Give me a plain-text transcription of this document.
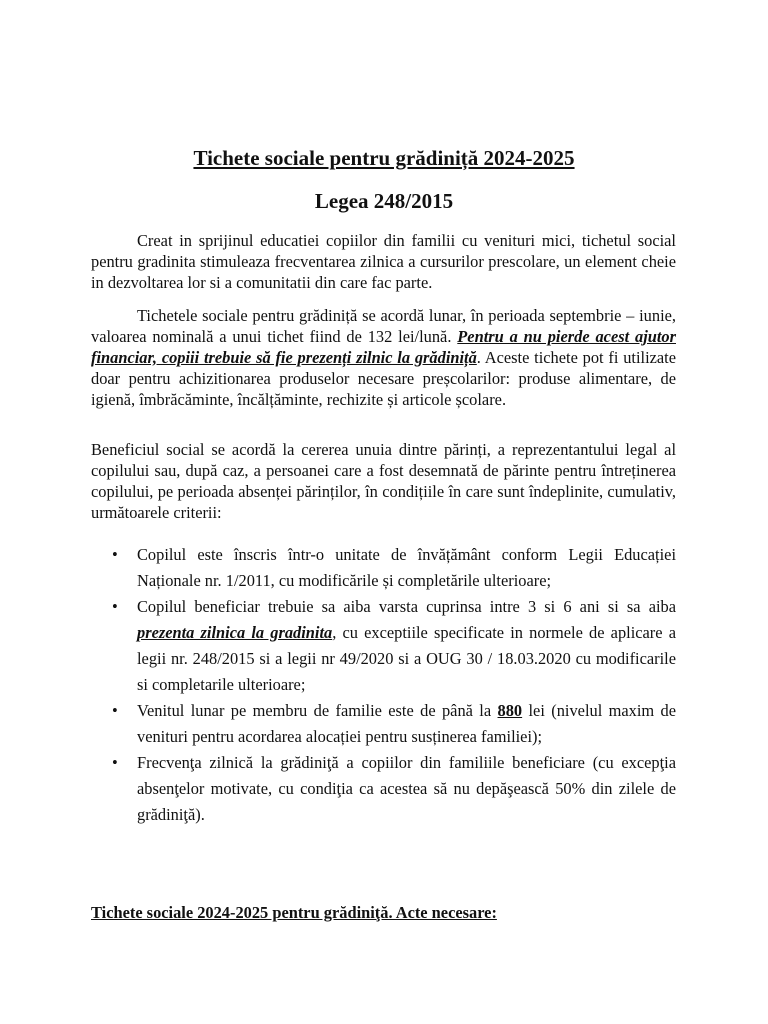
Tichete sociale pentru grădiniță 2024-2025
Legea 248/2015

Creat in sprijinul educatiei copiilor din familii cu venituri mici, tichetul social pentru gradinita stimuleaza frecventarea zilnica a cursurilor prescolare, un element cheie in dezvoltarea lor si a comunitatii din care fac parte.

Tichetele sociale pentru grădiniță se acordă lunar, în perioada septembrie – iunie, valoarea nominală a unui tichet fiind de 132 lei/lună. Pentru a nu pierde acest ajutor financiar, copiii trebuie să fie prezenți zilnic la grădiniță. Aceste tichete pot fi utilizate doar pentru achizitionarea produselor necesare preșcolarilor: produse alimentare, de igienă, îmbrăcăminte, încălțăminte, rechizite și articole școlare.

Beneficiul social se acordă la cererea unuia dintre părinți, a reprezentantului legal al copilului sau, după caz, a persoanei care a fost desemnată de părinte pentru întreținerea copilului, pe perioada absenței părinților, în condițiile în care sunt îndeplinite, cumulativ, următoarele criterii:

• Copilul este înscris într-o unitate de învățământ conform Legii Educației Naționale nr. 1/2011, cu modificările și completările ulterioare;
• Copilul beneficiar trebuie sa aiba varsta cuprinsa intre 3 si 6 ani si sa aiba prezenta zilnica la gradinita, cu exceptiile specificate in normele de aplicare a legii nr. 248/2015 si a legii nr 49/2020 si a OUG 30 / 18.03.2020 cu modificarile si completarile ulterioare;
• Venitul lunar pe membru de familie este de până la 880 lei (nivelul maxim de venituri pentru acordarea alocației pentru susținerea familiei);
• Frecvenţa zilnică la grădiniţă a copiilor din familiile beneficiare (cu excepţia absenţelor motivate, cu condiţia ca acestea să nu depăşească 50% din zilele de grădiniţă).
Tichete sociale 2024-2025 pentru grădiniţă. Acte necesare:
